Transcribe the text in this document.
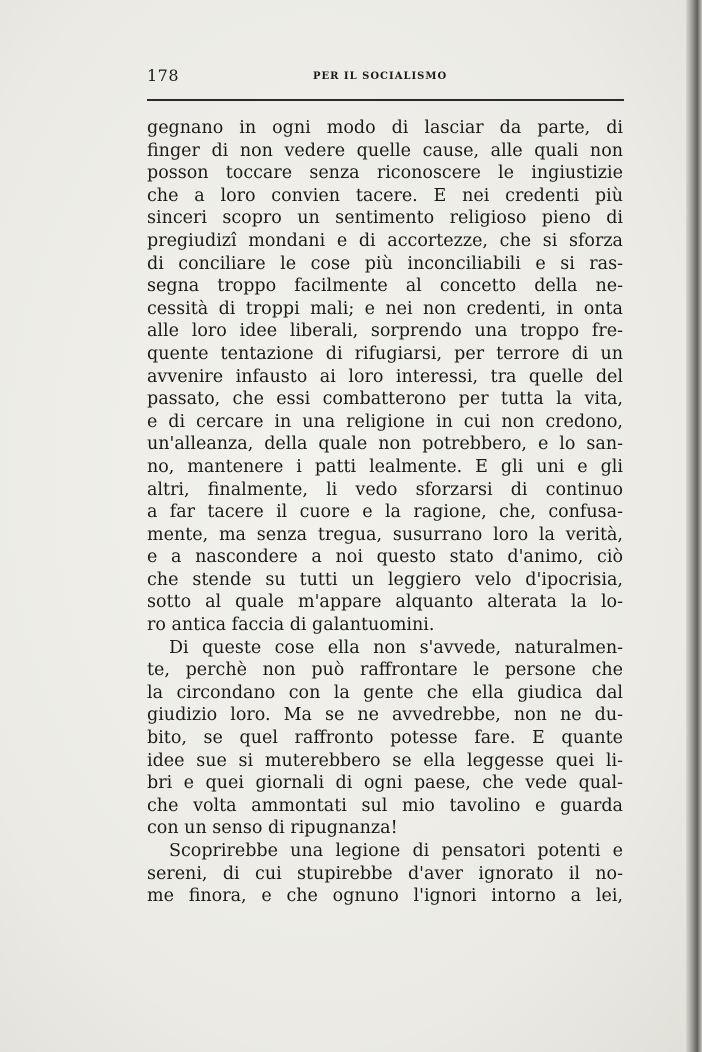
178	PER IL SOCIALISMO
gegnano in ogni modo di lasciar da parte, di
finger di non vedere quelle cause, alle quali non
posson toccare senza riconoscere le ingiustizie
che a loro convien tacere. E nei credenti più
sinceri scopro un sentimento religioso pieno di
pregiudizî mondani e di accortezze, che si sforza
di conciliare le cose più inconciliabili e si ras-
segna troppo facilmente al concetto della ne-
cessità di troppi mali; e nei non credenti, in onta
alle loro idee liberali, sorprendo una troppo fre-
quente tentazione di rifugiarsi, per terrore di un
avvenire infausto ai loro interessi, tra quelle del
passato, che essi combatterono per tutta la vita,
e di cercare in una religione in cui non credono,
un'alleanza, della quale non potrebbero, e lo san-
no, mantenere i patti lealmente. E gli uni e gli
altri, finalmente, li vedo sforzarsi di continuo
a far tacere il cuore e la ragione, che, confusa-
mente, ma senza tregua, susurrano loro la verità,
e a nascondere a noi questo stato d'animo, ciò
che stende su tutti un leggiero velo d'ipocrisia,
sotto al quale m'appare alquanto alterata la lo-
ro antica faccia di galantuomini.
Di queste cose ella non s'avvede, naturalmen-
te, perchè non può raffrontare le persone che
la circondano con la gente che ella giudica dal
giudizio loro. Ma se ne avvedrebbe, non ne du-
bito, se quel raffronto potesse fare. E quante
idee sue si muterebbero se ella leggesse quei li-
bri e quei giornali di ogni paese, che vede qual-
che volta ammontati sul mio tavolino e guarda
con un senso di ripugnanza!
Scoprirebbe una legione di pensatori potenti e
sereni, di cui stupirebbe d'aver ignorato il no-
me finora, e che ognuno l'ignori intorno a lei,
